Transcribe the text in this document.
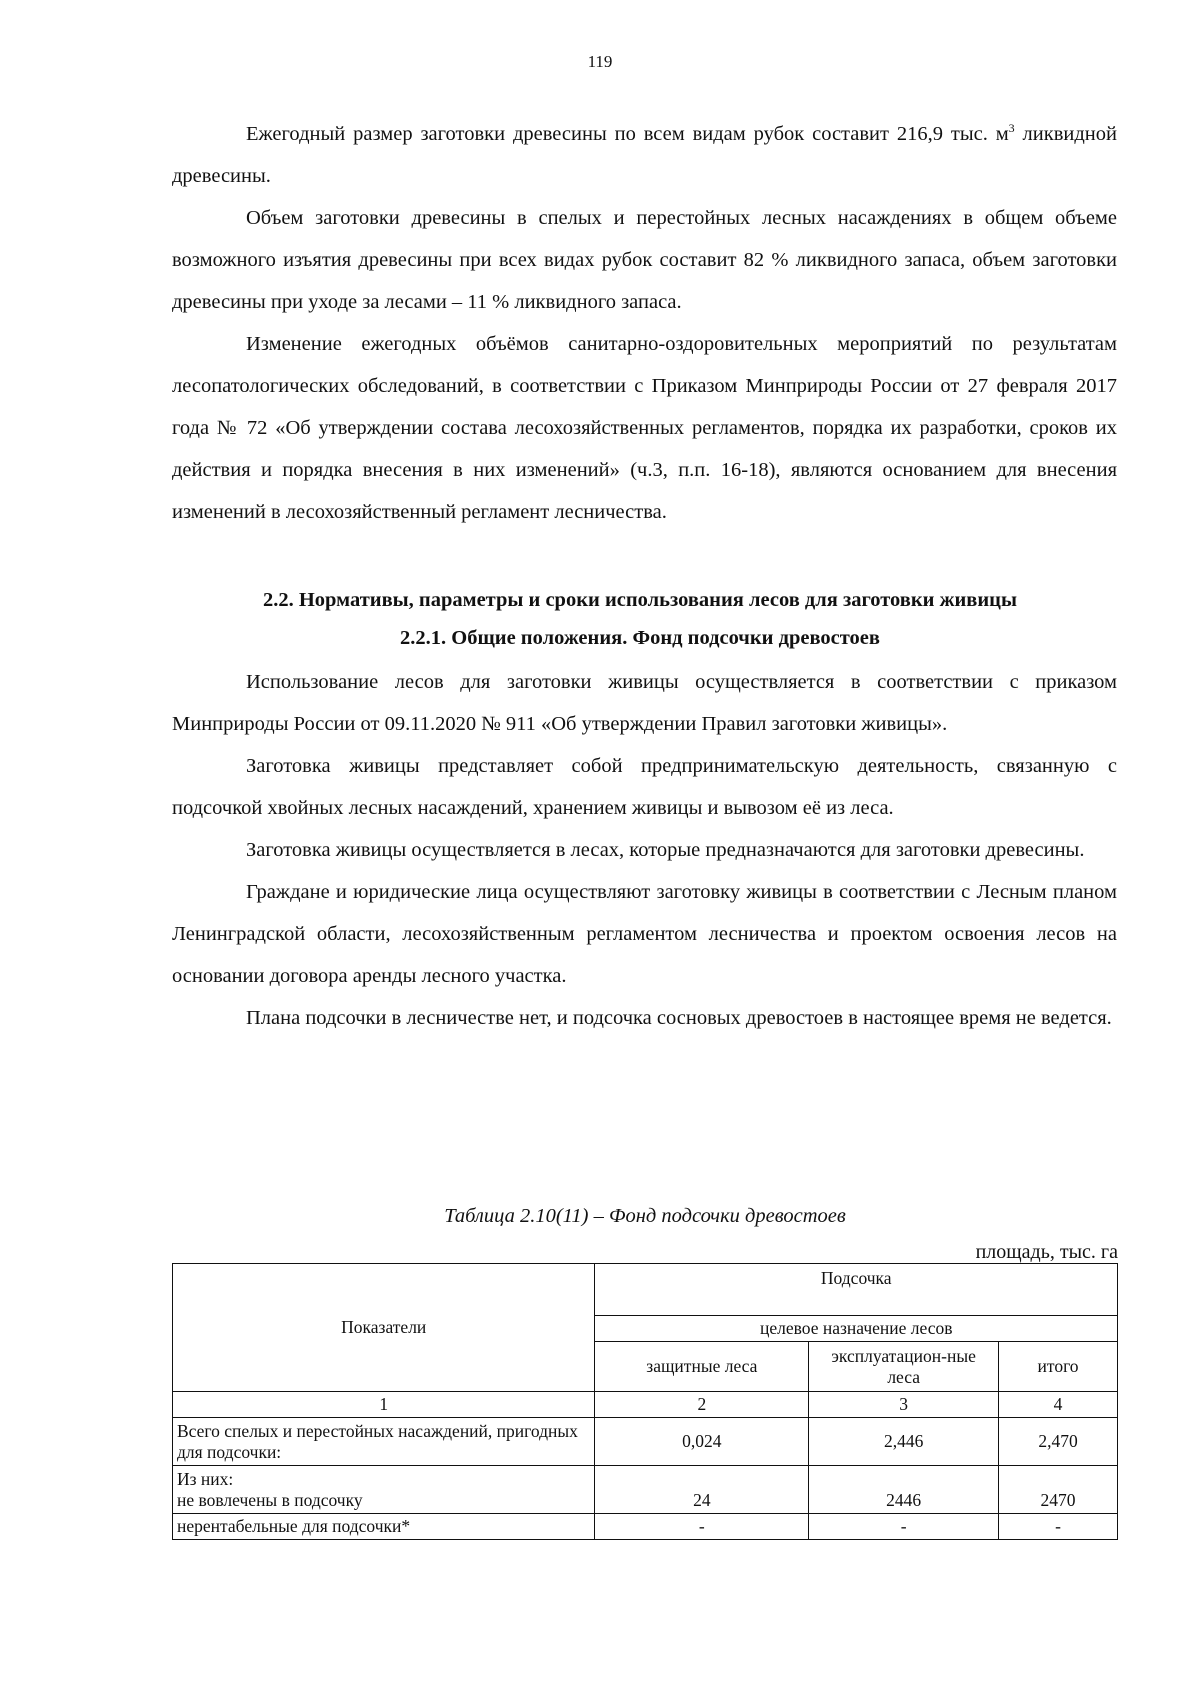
119

Ежегодный размер заготовки древесины по всем видам рубок составит 216,9 тыс. $м^3$ ликвидной древесины.

Объем заготовки древесины в спелых и перестойных лесных насаждениях в общем объеме возможного изъятия древесины при всех видах рубок составит 82 % ликвидного запаса, объем заготовки древесины при уходе за лесами – 11 % ликвидного запаса.

Изменение ежегодных объёмов санитарно-оздоровительных мероприятий по результатам лесопатологических обследований, в соответствии с Приказом Минприроды России от 27 февраля 2017 года № 72 «Об утверждении состава лесохозяйственных регламентов, порядка их разработки, сроков их действия и порядка внесения в них изменений» (ч.3, п.п. 16-18), являются основанием для внесения изменений в лесохозяйственный регламент лесничества.

2.2. Нормативы, параметры и сроки использования лесов для заготовки живицы
2.2.1. Общие положения. Фонд подсочки древостоев

Использование лесов для заготовки живицы осуществляется в соответствии с приказом Минприроды России от 09.11.2020 № 911 «Об утверждении Правил заготовки живицы».

Заготовка живицы представляет собой предпринимательскую деятельность, связанную с подсочкой хвойных лесных насаждений, хранением живицы и вывозом её из леса.

Заготовка живицы осуществляется в лесах, которые предназначаются для заготовки древесины.

Граждане и юридические лица осуществляют заготовку живицы в соответствии с Лесным планом Ленинградской области, лесохозяйственным регламентом лесничества и проектом освоения лесов на основании договора аренды лесного участка.

Плана подсочки в лесничестве нет, и подсочка сосновых древостоев в настоящее время не ведется.

Таблица 2.10(11) – Фонд подсочки древостоев
площадь, тыс. га
Показатели	Подсочка		
	целевое назначение лесов		
	защитные леса	эксплуатацион-ные леса	итого
1	2	3	4
Всего спелых и перестойных насаждений, пригодных для подсочки:	0,024	2,446	2,470

Из них:
не вовлечены в подсочку	24	2446	2470
нерентабельные для подсочки*	-	-	-
